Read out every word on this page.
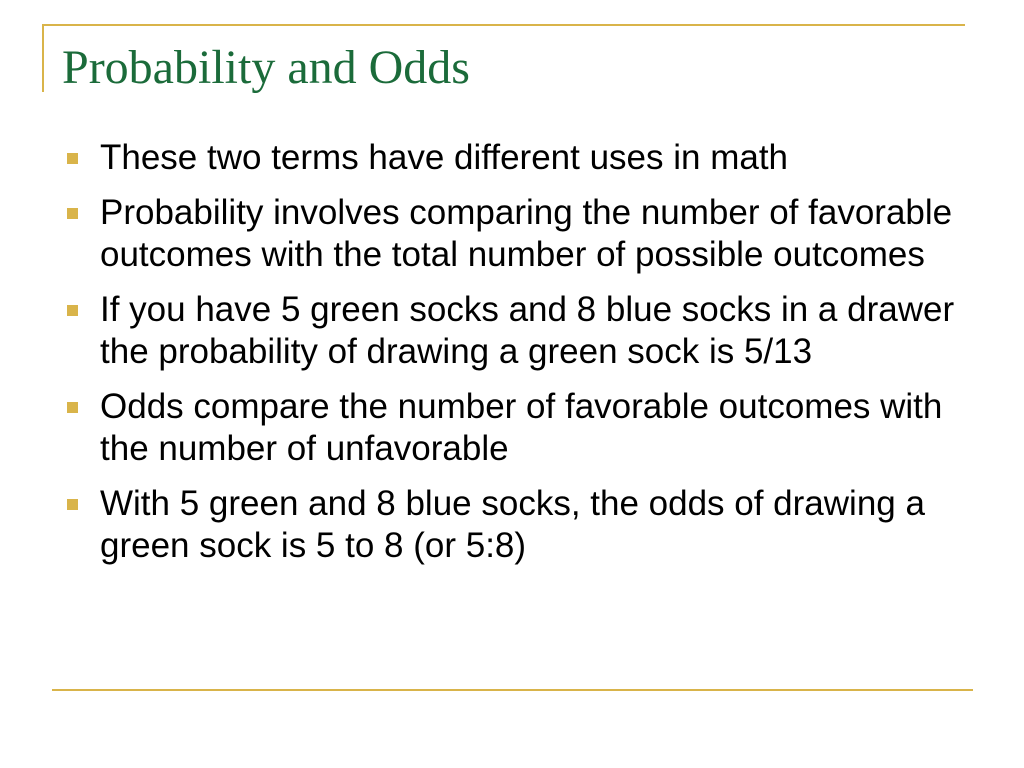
Probability and Odds
These two terms have different uses in math
Probability involves comparing the number of favorable outcomes with the total number of possible outcomes
If you have 5 green socks and 8 blue socks in a drawer the probability of drawing a green sock is 5/13
Odds compare the number of favorable outcomes with the number of unfavorable
With 5 green and 8 blue socks, the odds of drawing a green sock is 5 to 8 (or 5:8)
